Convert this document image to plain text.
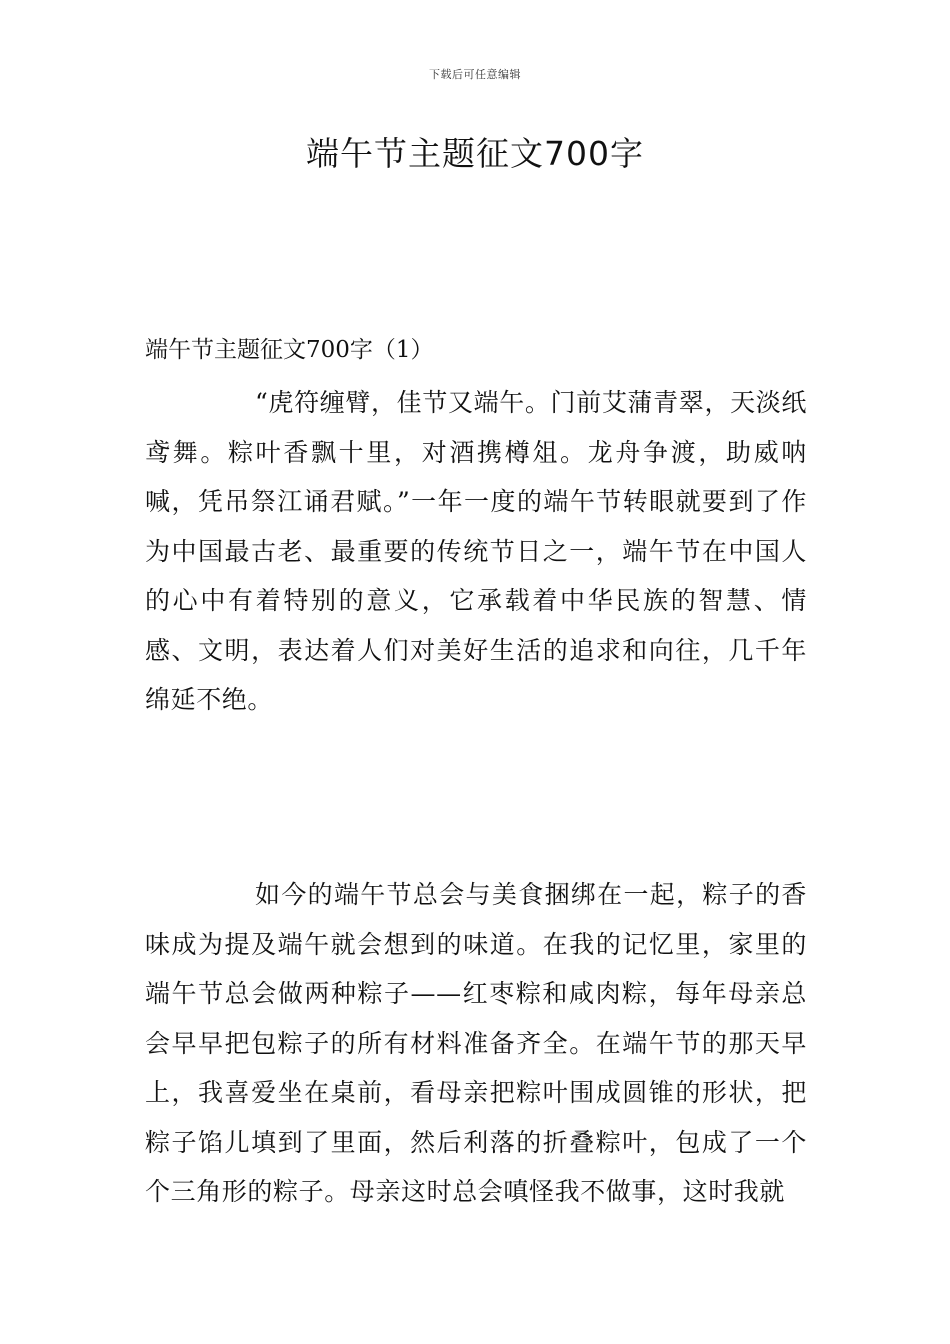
下载后可任意编辑
端午节主题征文700字
端午节主题征文700字（1）

“虎符缠臂，佳节又端午。门前艾蒲青翠，天淡纸鸢舞。粽叶香飘十里，对酒携樽俎。龙舟争渡，助威呐喊，凭吊祭江诵君赋。”一年一度的端午节转眼就要到了作为中国最古老、最重要的传统节日之一，端午节在中国人的心中有着特别的意义，它承载着中华民族的智慧、情感、文明，表达着人们对美好生活的追求和向往，几千年绵延不绝。

如今的端午节总会与美食捆绑在一起，粽子的香味成为提及端午就会想到的味道。在我的记忆里，家里的端午节总会做两种粽子——红枣粽和咸肉粽，每年母亲总会早早把包粽子的所有材料准备齐全。在端午节的那天早上，我喜爱坐在桌前，看母亲把粽叶围成圆锥的形状，把粽子馅儿填到了里面，然后利落的折叠粽叶，包成了一个个三角形的粽子。母亲这时总会嗔怪我不做事，这时我就
